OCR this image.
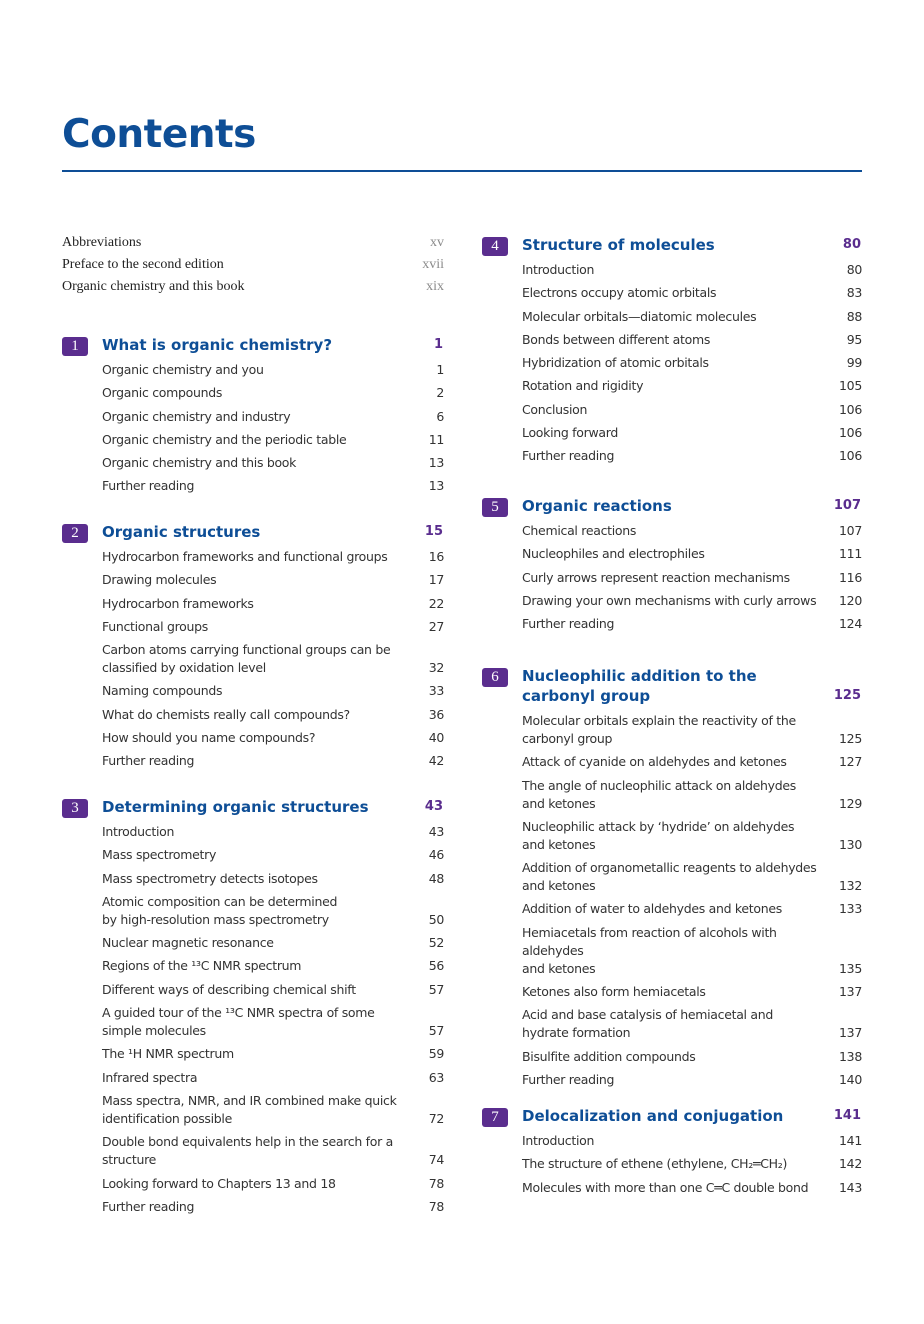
Contents
Abbreviations	xv
Preface to the second edition	xvii
Organic chemistry and this book	xix
1	What is organic chemistry?	1
Organic chemistry and you	1
Organic compounds	2
Organic chemistry and industry	6
Organic chemistry and the periodic table	11
Organic chemistry and this book	13
Further reading	13
2	Organic structures	15
Hydrocarbon frameworks and functional groups	16
Drawing molecules	17
Hydrocarbon frameworks	22
Functional groups	27
Carbon atoms carrying functional groups can be
classified by oxidation level	32
Naming compounds	33
What do chemists really call compounds?	36
How should you name compounds?	40
Further reading	42
3	Determining organic structures	43
Introduction	43
Mass spectrometry	46
Mass spectrometry detects isotopes	48
Atomic composition can be determined
by high-resolution mass spectrometry	50
Nuclear magnetic resonance	52
Regions of the ¹³C NMR spectrum	56
Different ways of describing chemical shift	57
A guided tour of the ¹³C NMR spectra of some
simple molecules	57
The ¹H NMR spectrum	59
Infrared spectra	63
Mass spectra, NMR, and IR combined make quick
identification possible	72
Double bond equivalents help in the search for a structure	74
Looking forward to Chapters 13 and 18	78
Further reading	78
4	Structure of molecules	80
Introduction	80
Electrons occupy atomic orbitals	83
Molecular orbitals—diatomic molecules	88
Bonds between different atoms	95
Hybridization of atomic orbitals	99
Rotation and rigidity	105
Conclusion	106
Looking forward	106
Further reading	106
5	Organic reactions	107
Chemical reactions	107
Nucleophiles and electrophiles	111
Curly arrows represent reaction mechanisms	116
Drawing your own mechanisms with curly arrows	120
Further reading	124
6	Nucleophilic addition to the
carbonyl group	125
Molecular orbitals explain the reactivity of the
carbonyl group	125
Attack of cyanide on aldehydes and ketones	127
The angle of nucleophilic attack on aldehydes
and ketones	129
Nucleophilic attack by ‘hydride’ on aldehydes
and ketones	130
Addition of organometallic reagents to aldehydes
and ketones	132
Addition of water to aldehydes and ketones	133
Hemiacetals from reaction of alcohols with aldehydes
and ketones	135
Ketones also form hemiacetals	137
Acid and base catalysis of hemiacetal and
hydrate formation	137
Bisulfite addition compounds	138
Further reading	140
7	Delocalization and conjugation	141
Introduction	141
The structure of ethene (ethylene, CH₂═CH₂)	142
Molecules with more than one C═C double bond	143
